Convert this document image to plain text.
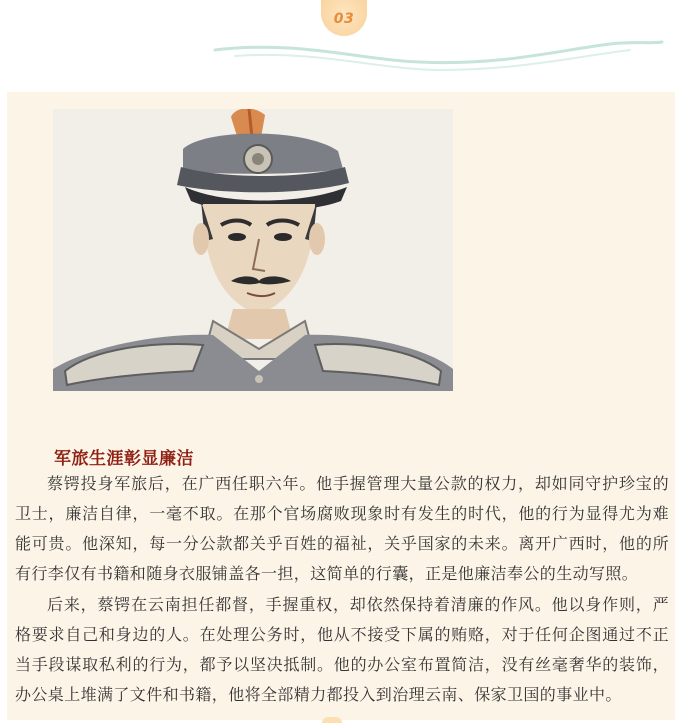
03
军旅生涯彰显廉洁

蔡锷投身军旅后，在广西任职六年。他手握管理大量公款的权力，却如同守护珍宝的卫士，廉洁自律，一毫不取。在那个官场腐败现象时有发生的时代，他的行为显得尤为难能可贵。他深知，每一分公款都关乎百姓的福祉，关乎国家的未来。离开广西时，他的所有行李仅有书籍和随身衣服铺盖各一担，这简单的行囊，正是他廉洁奉公的生动写照。

后来，蔡锷在云南担任都督，手握重权，却依然保持着清廉的作风。他以身作则，严格要求自己和身边的人。在处理公务时，他从不接受下属的贿赂，对于任何企图通过不正当手段谋取私利的行为，都予以坚决抵制。他的办公室布置简洁，没有丝毫奢华的装饰，办公桌上堆满了文件和书籍，他将全部精力都投入到治理云南、保家卫国的事业中。
